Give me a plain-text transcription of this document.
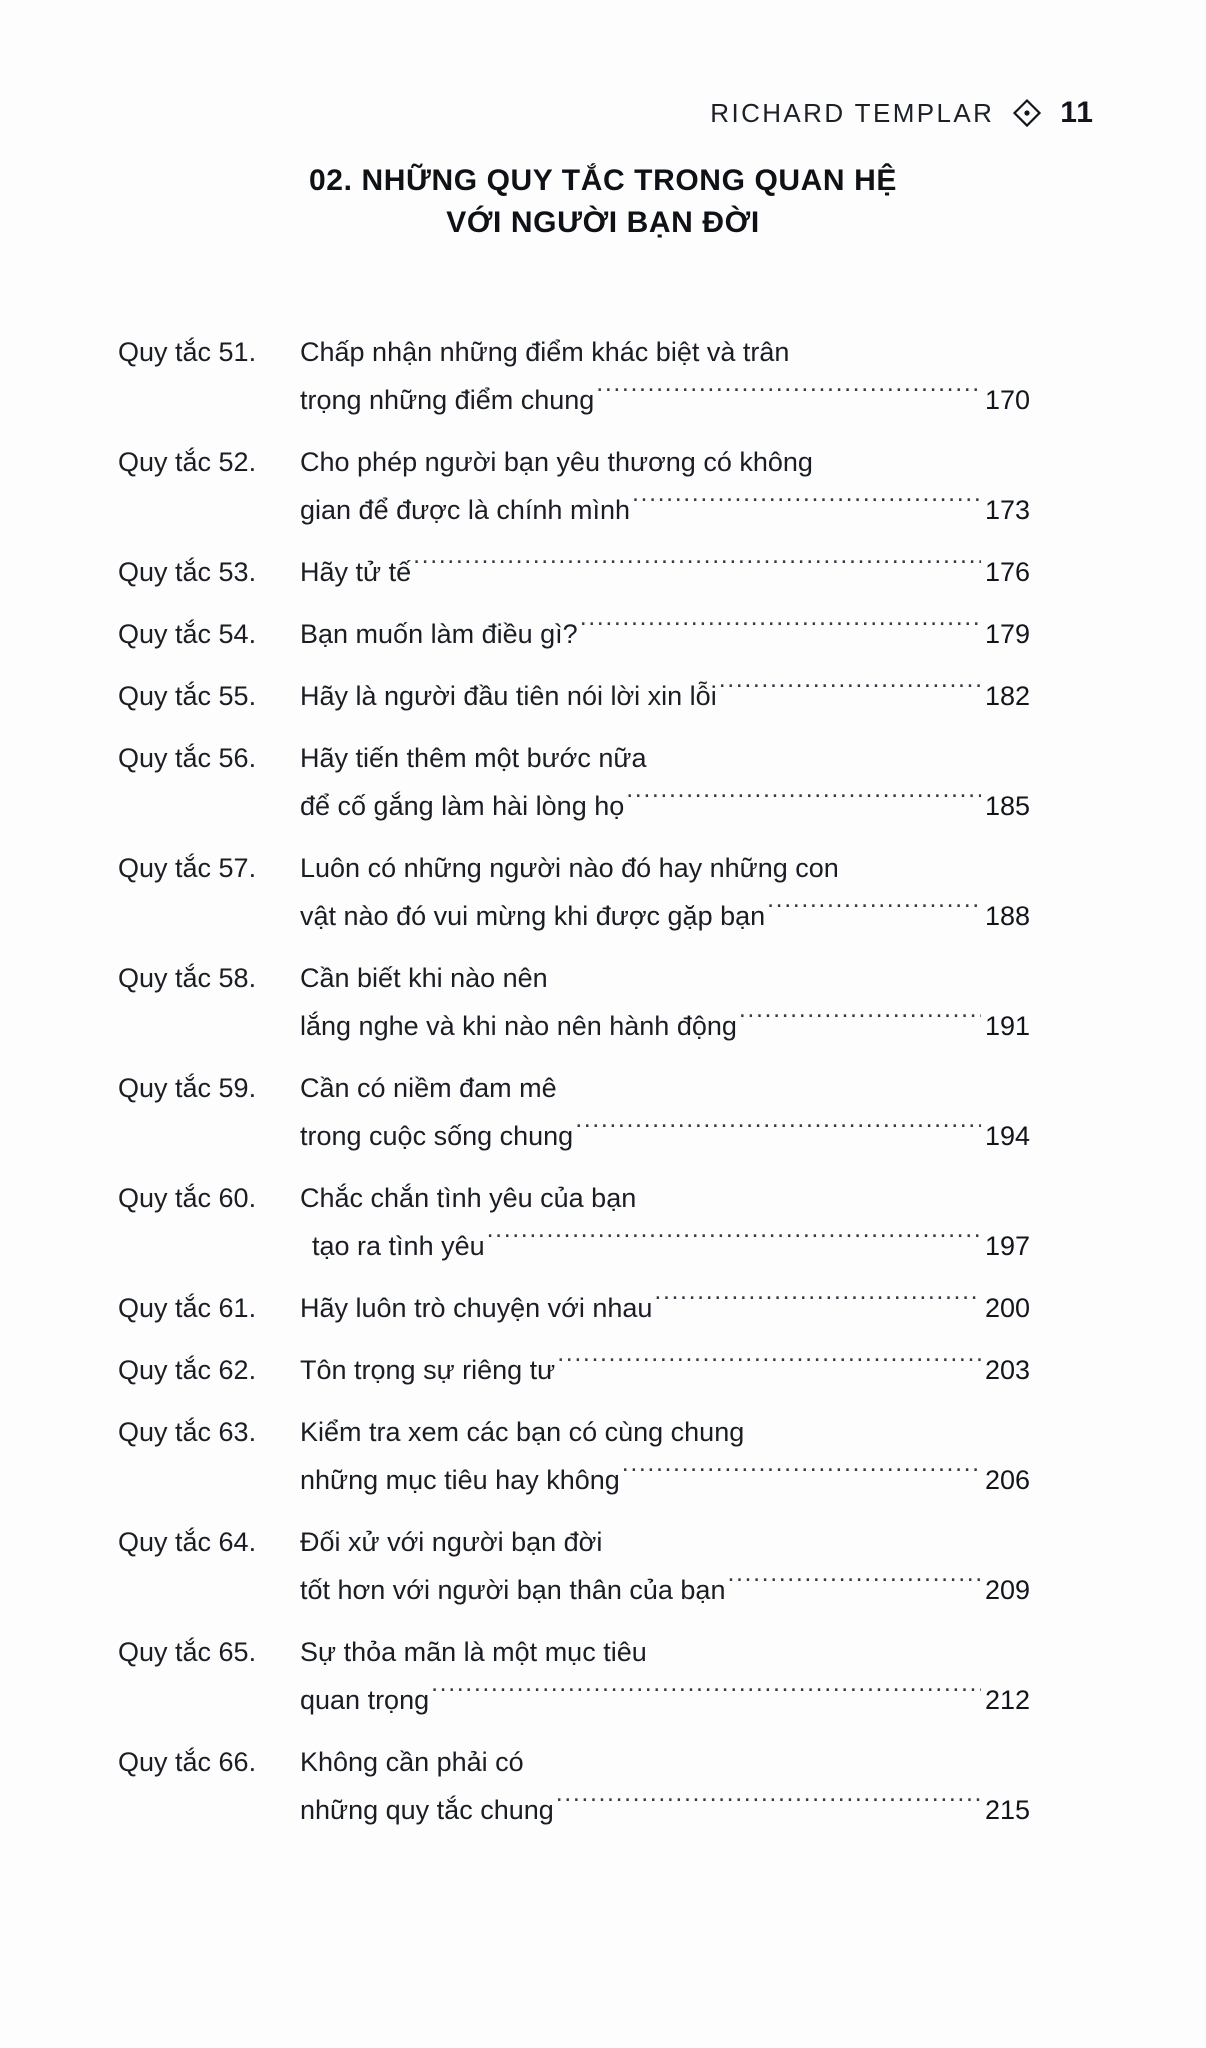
RICHARD TEMPLAR 11
02. NHỮNG QUY TẮC TRONG QUAN HỆ
VỚI NGƯỜI BẠN ĐỜI
Quy tắc 51.	Chấp nhận những điểm khác biệt và trân
trọng những điểm chung .....	170
Quy tắc 52.	Cho phép người bạn yêu thương có không
gian để được là chính mình .....	173
Quy tắc 53.	Hãy tử tế .....	176
Quy tắc 54.	Bạn muốn làm điều gì? .....	179
Quy tắc 55.	Hãy là người đầu tiên nói lời xin lỗi .....	182
Quy tắc 56.	Hãy tiến thêm một bước nữa
để cố gắng làm hài lòng họ .....	185
Quy tắc 57.	Luôn có những người nào đó hay những con
vật nào đó vui mừng khi được gặp bạn .....	188
Quy tắc 58.	Cần biết khi nào nên
lắng nghe và khi nào nên hành động .....	191
Quy tắc 59.	Cần có niềm đam mê
trong cuộc sống chung .....	194
Quy tắc 60.	Chắc chắn tình yêu của bạn
tạo ra tình yêu .....	197
Quy tắc 61.	Hãy luôn trò chuyện với nhau .....	200
Quy tắc 62.	Tôn trọng sự riêng tư .....	203
Quy tắc 63.	Kiểm tra xem các bạn có cùng chung
những mục tiêu hay không .....	206
Quy tắc 64.	Đối xử với người bạn đời
tốt hơn với người bạn thân của bạn .....	209
Quy tắc 65.	Sự thỏa mãn là một mục tiêu
quan trọng .....	212
Quy tắc 66.	Không cần phải có
những quy tắc chung .....	215
